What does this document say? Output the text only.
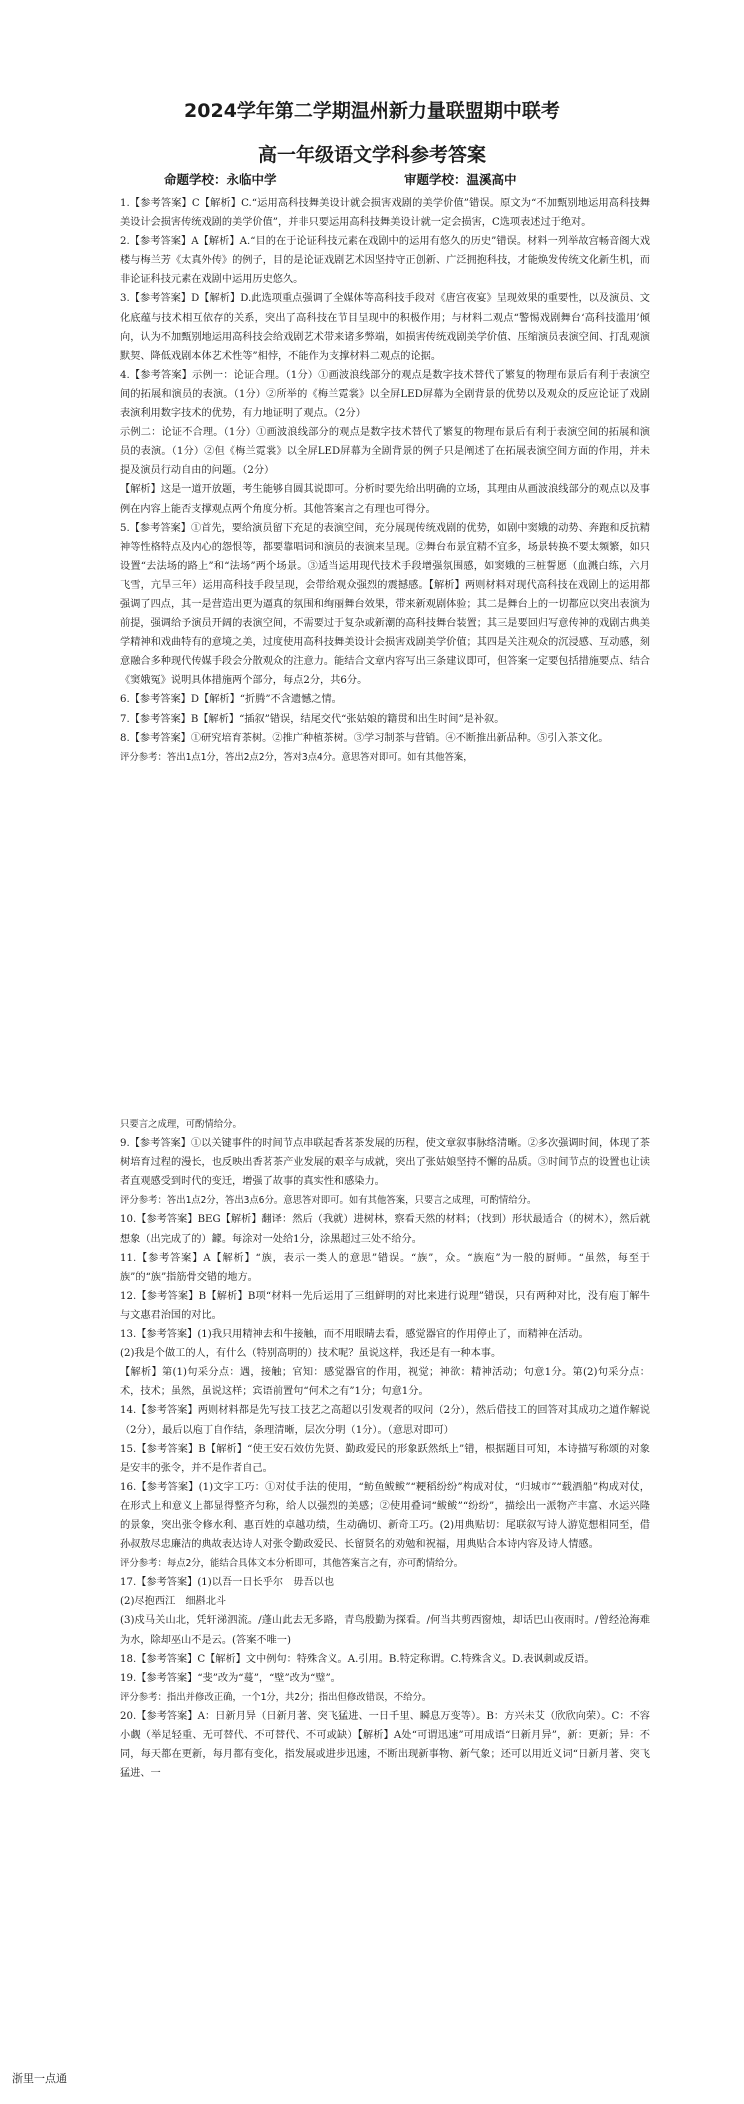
2024学年第二学期温州新力量联盟期中联考
高一年级语文学科参考答案
命题学校：永临中学	审题学校：温溪高中

1.【参考答案】C【解析】C.“运用高科技舞美设计就会损害戏剧的美学价值”错误。原文为“不加甄别地运用高科技舞美设计会损害传统戏剧的美学价值”，并非只要运用高科技舞美设计就一定会损害，C选项表述过于绝对。

2.【参考答案】A【解析】A.“目的在于论证科技元素在戏剧中的运用有悠久的历史”错误。材料一列举故宫畅音阁大戏楼与梅兰芳《太真外传》的例子，目的是论证戏剧艺术因坚持守正创新、广泛拥抱科技，才能焕发传统文化新生机，而非论证科技元素在戏剧中运用历史悠久。

3.【参考答案】D【解析】D.此选项重点强调了全媒体等高科技手段对《唐宫夜宴》呈现效果的重要性，以及演员、文化底蕴与技术相互依存的关系，突出了高科技在节目呈现中的积极作用；与材料二观点“警惕戏剧舞台‘高科技滥用’倾向，认为不加甄别地运用高科技会给戏剧艺术带来诸多弊端，如损害传统戏剧美学价值、压缩演员表演空间、打乱观演默契、降低戏剧本体艺术性等”相悖，不能作为支撑材料二观点的论据。

4.【参考答案】示例一：论证合理。（1分）①画波浪线部分的观点是数字技术替代了繁复的物理布景后有利于表演空间的拓展和演员的表演。（1分）②所举的《梅兰霓裳》以全屏LED屏幕为全剧背景的优势以及观众的反应论证了戏剧表演利用数字技术的优势，有力地证明了观点。（2分）

示例二：论证不合理。（1分）①画波浪线部分的观点是数字技术替代了繁复的物理布景后有利于表演空间的拓展和演员的表演。（1分）②但《梅兰霓裳》以全屏LED屏幕为全剧背景的例子只是阐述了在拓展表演空间方面的作用，并未提及演员行动自由的问题。（2分）

【解析】这是一道开放题，考生能够自圆其说即可。分析时要先给出明确的立场，其理由从画波浪线部分的观点以及事例在内容上能否支撑观点两个角度分析。其他答案言之有理也可得分。

5.【参考答案】①首先，要给演员留下充足的表演空间，充分展现传统戏剧的优势，如剧中窦娥的动势、奔跑和反抗精神等性格特点及内心的怨恨等，都要靠唱词和演员的表演来呈现。②舞台布景宜精不宜多，场景转换不要太频繁，如只设置“去法场的路上”和“法场”两个场景。③适当运用现代技术手段增强氛围感，如窦娥的三桩誓愿（血溅白练，六月飞雪，亢旱三年）运用高科技手段呈现，会带给观众强烈的震撼感。【解析】两则材料对现代高科技在戏剧上的运用都强调了四点，其一是营造出更为逼真的氛围和绚丽舞台效果，带来新观剧体验；其二是舞台上的一切都应以突出表演为前提，强调给予演员开阔的表演空间，不需要过于复杂或新潮的高科技舞台装置；其三是要回归写意传神的戏剧古典美学精神和戏曲特有的意境之美，过度使用高科技舞美设计会损害戏剧美学价值；其四是关注观众的沉浸感、互动感，刻意融合多种现代传媒手段会分散观众的注意力。能结合文章内容写出三条建议即可，但答案一定要包括措施要点、结合《窦娥冤》说明具体措施两个部分，每点2分，共6分。

6.【参考答案】D【解析】“折腾”不含遗憾之情。

7.【参考答案】B【解析】“插叙”错误，结尾交代“张姑娘的籍贯和出生时间”是补叙。

8.【参考答案】①研究培育茶树。②推广种植茶树。③学习制茶与营销。④不断推出新品种。⑤引入茶文化。

评分参考：答出1点1分，答出2点2分，答对3点4分。意思答对即可。如有其他答案，

只要言之成理，可酌情给分。

9.【参考答案】①以关键事件的时间节点串联起香茗茶发展的历程，使文章叙事脉络清晰。②多次强调时间，体现了茶树培育过程的漫长，也反映出香茗茶产业发展的艰辛与成就，突出了张姑娘坚持不懈的品质。③时间节点的设置也让读者直观感受到时代的变迁，增强了故事的真实性和感染力。

评分参考：答出1点2分，答出3点6分。意思答对即可。如有其他答案，只要言之成理，可酌情给分。

10.【参考答案】BEG【解析】翻译：然后（我就）进树林，察看天然的材料；（找到）形状最适合（的树木），然后就想象（出完成了的）鐻。每涂对一处给1分，涂黑超过三处不给分。

11.【参考答案】A【解析】“族，表示一类人的意思”错误。“族”，众。“族庖”为一般的厨师。“虽然，每至于族”的“族”指筋骨交错的地方。

12.【参考答案】B【解析】B项“材料一先后运用了三组鲜明的对比来进行说理”错误，只有两种对比，没有庖丁解牛与文惠君治国的对比。

13.【参考答案】(1)我只用精神去和牛接触，而不用眼睛去看，感觉器官的作用停止了，而精神在活动。

(2)我是个做工的人，有什么（特别高明的）技术呢？虽说这样，我还是有一种本事。

【解析】第(1)句采分点：遇，接触；官知：感觉器官的作用，视觉；神欲：精神活动；句意1分。第(2)句采分点：术，技术；虽然，虽说这样；宾语前置句“何术之有”1分；句意1分。

14.【参考答案】两则材料都是先写技工技艺之高超以引发观者的叹问（2分），然后借技工的回答对其成功之道作解说（2分），最后以庖丁自作结，条理清晰，层次分明（1分）。（意思对即可）

15.【参考答案】B【解析】“使王安石效仿先贤、勤政爱民的形象跃然纸上”错，根据题目可知，本诗描写称颂的对象是安丰的张令，并不是作者自己。

16.【参考答案】(1)文字工巧：①对仗手法的使用，“鲂鱼鲅鲅”“粳稻纷纷”构成对仗，“归城市”“载酒船”构成对仗，在形式上和意义上都显得整齐匀称，给人以强烈的美感；②使用叠词“鲅鲅”“纷纷”，描绘出一派物产丰富、水运兴隆的景象，突出张令修水利、惠百姓的卓越功绩，生动确切、新奇工巧。(2)用典贴切：尾联叙写诗人游览想相同至，借孙叔敖尽忠廉洁的典故表达诗人对张令勤政爱民、长留贤名的劝勉和祝福，用典贴合本诗内容及诗人情感。

评分参考：每点2分，能结合具体文本分析即可，其他答案言之有，亦可酌情给分。

17.【参考答案】(1)以吾一日长乎尔　毋吾以也

(2)尽抱西江　细斟北斗

(3)戍马关山北，凭轩涕泗流。/蓬山此去无多路，青鸟殷勤为探看。/何当共剪西窗烛，却话巴山夜雨时。/曾经沧海难为水，除却巫山不是云。(答案不唯一)

18.【参考答案】C【解析】文中例句：特殊含义。A.引用。B.特定称谓。C.特殊含义。D.表讽刺或反语。

19.【参考答案】“斐”改为“蔓”，“壁”改为“璧”。

评分参考：指出并修改正确，一个1分，共2分；指出但修改错误，不给分。

20.【参考答案】A：日新月异（日新月著、突飞猛进、一日千里、瞬息万变等）。B：方兴未艾（欣欣向荣）。C：不容小觑（举足轻重、无可替代、不可替代、不可或缺）【解析】A处“可谓迅速”可用成语“日新月异”，新：更新；异：不同，每天都在更新，每月都有变化，指发展或进步迅速，不断出现新事物、新气象；还可以用近义词“日新月著、突飞猛进、一

浙里一点通
